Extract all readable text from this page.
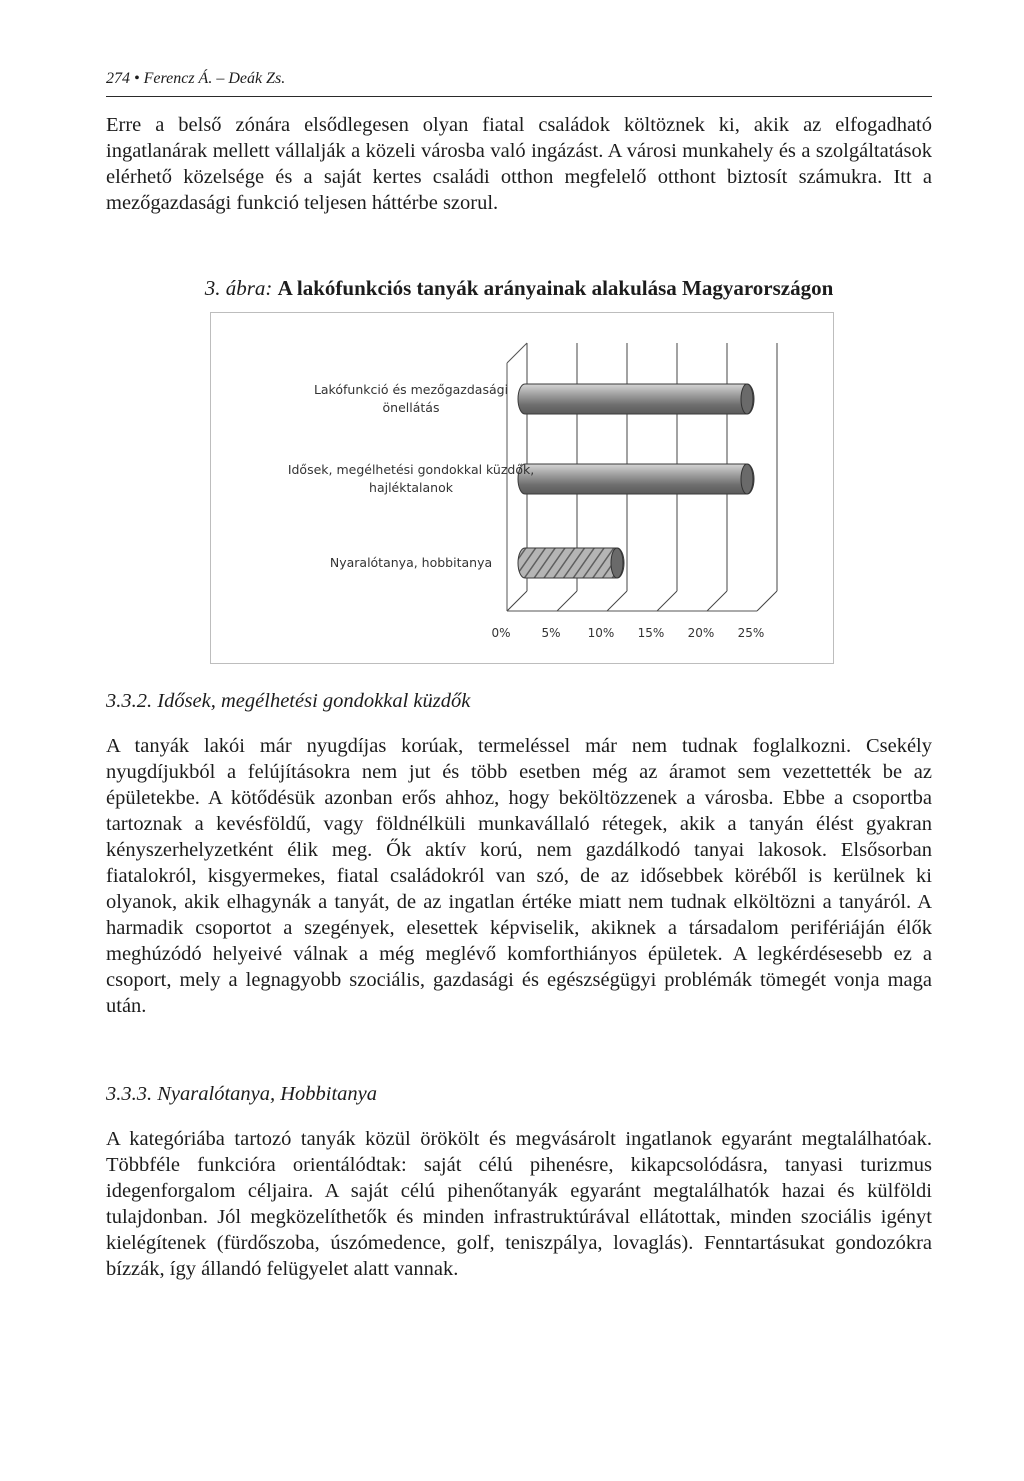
274 • Ferencz Á. – Deák Zs.

Erre a belső zónára elsődlegesen olyan fiatal családok költöznek ki, akik az elfogadható ingatlanárak mellett vállalják a közeli városba való ingázást. A városi munkahely és a szolgáltatások elérhető közelsége és a saját kertes családi otthon megfelelő otthont biztosít számukra. Itt a mezőgazdasági funkció teljesen háttérbe szorul.

3. ábra: A lakófunkciós tanyák arányainak alakulása Magyarországon
0%	5% 10% 15% 20% 25%
Lakófunkció és mezőgazdasági
önellátás
Idősek, megélhetési gondokkal küzdők,
hajléktalanok
Nyaralótanya, hobbitanya
3.3.2. Idősek, megélhetési gondokkal küzdők

A tanyák lakói már nyugdíjas korúak, termeléssel már nem tudnak foglalkozni. Csekély nyugdíjukból a felújításokra nem jut és több esetben még az áramot sem vezettették be az épületekbe. A kötődésük azonban erős ahhoz, hogy beköltözzenek a városba. Ebbe a csoportba tartoznak a kevésföldű, vagy földnélküli munkavállaló rétegek, akik a tanyán élést gyakran kényszerhelyzetként élik meg. Ők aktív korú, nem gazdálkodó tanyai lakosok. Elsősorban fiatalokról, kisgyermekes, fiatal családokról van szó, de az idősebbek köréből is kerülnek ki olyanok, akik elhagynák a tanyát, de az ingatlan értéke miatt nem tudnak elköltözni a tanyáról. A harmadik csoportot a szegények, elesettek képviselik, akiknek a társadalom perifériáján élők meghúzódó helyeivé válnak a még meglévő komforthiányos épületek. A legkérdésesebb ez a csoport, mely a legnagyobb szociális, gazdasági és egészségügyi problémák tömegét vonja maga után.

3.3.3. Nyaralótanya, Hobbitanya

A kategóriába tartozó tanyák közül örökölt és megvásárolt ingatlanok egyaránt megtalálhatóak. Többféle funkcióra orientálódtak: saját célú pihenésre, kikapcsolódásra, tanyasi turizmus idegenforgalom céljaira. A saját célú pihenőtanyák egyaránt megtalálhatók hazai és külföldi tulajdonban. Jól megközelíthetők és minden infrastruktúrával ellátottak, minden szociális igényt kielégítenek (fürdőszoba, úszómedence, golf, teniszpálya, lovaglás). Fenntartásukat gondozókra bízzák, így állandó felügyelet alatt vannak.
